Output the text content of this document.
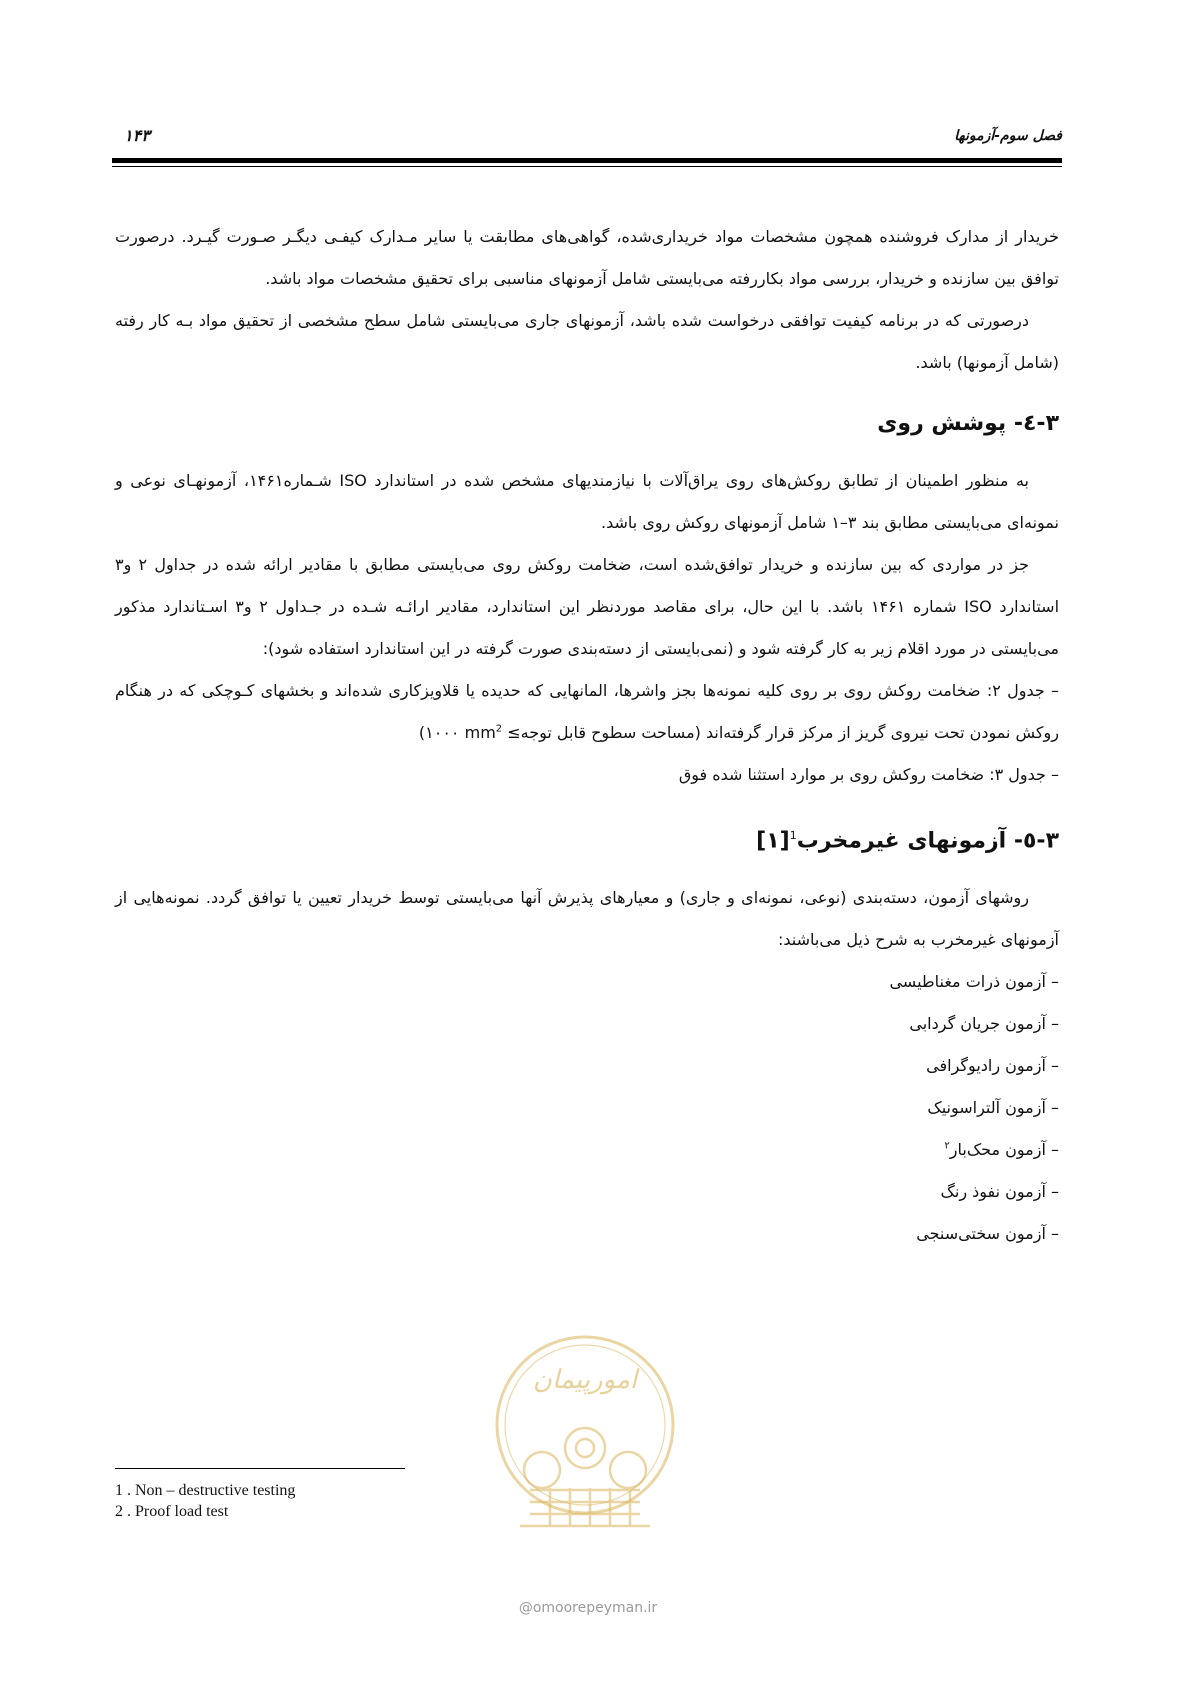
فصل سوم-آزمونها
۱۴۳

خریدار از مدارک فروشنده همچون مشخصات مواد خریداری‌شده، گواهی‌های مطابقت یا سایر مـدارک کیفـی دیگـر صـورت گیـرد. درصورت توافق بین سازنده و خریدار، بررسی مواد بکاررفته می‌بایستی شامل آزمونهای مناسبی برای تحقیق مشخصات مواد باشد.

درصورتی که در برنامه کیفیت توافقی درخواست شده باشد، آزمونهای جاری می‌بایستی شامل سطح مشخصی از تحقیق مواد بـه کار رفته (شامل آزمونها) باشد.

۳-٤- پوشش روی

به منظور اطمینان از تطابق روکش‌های روی یراق‌آلات با نیازمندیهای مشخص شده در استاندارد ISO شـماره۱۴۶۱، آزمونهـای نوعی و نمونه‌ای می‌بایستی مطابق بند ۳–۱ شامل آزمونهای روکش روی باشد.

جز در مواردی که بین سازنده و خریدار توافق‌شده است، ضخامت روکش روی می‌بایستی مطابق با مقادیر ارائه شده در جداول ۲ و۳ استاندارد ISO شماره ۱۴۶۱ باشد. با این حال، برای مقاصد موردنظر این استاندارد، مقادیر ارائـه شـده در جـداول ۲ و۳ اسـتاندارد مذکور می‌بایستی در مورد اقلام زیر به کار گرفته شود و (نمی‌بایستی از دسته‌بندی صورت گرفته در این استاندارد استفاده شود):

– جدول ۲: ضخامت روکش روی بر روی کلیه نمونه‌ها بجز واشرها، المانهایی که حدیده یا قلاویزکاری شده‌اند و بخشهای کـوچکی که در هنگام روکش نمودن تحت نیروی گریز از مرکز قرار گرفته‌اند (مساحت سطوح قابل توجه≥ ۱۰۰۰ $mm^2$)

– جدول ۳: ضخامت روکش روی بر موارد استثنا شده فوق

۳-٥- آزمونهای غیرمخرب$^1$[۱]

روشهای آزمون، دسته‌بندی (نوعی، نمونه‌ای و جاری) و معیارهای پذیرش آنها می‌بایستی توسط خریدار تعیین یا توافق گردد. نمونه‌هایی از آزمونهای غیرمخرب به شرح ذیل می‌باشند:

– آزمون ذرات مغناطیسی
– آزمون جریان گردابی
– آزمون رادیوگرافی
– آزمون آلتراسونیک
– آزمون محک‌بار$^۲$
– آزمون نفوذ رنگ
– آزمون سختی‌سنجی
1 . Non – destructive testing
2 . Proof load test
امورپیمان
@omoorepeyman.ir
